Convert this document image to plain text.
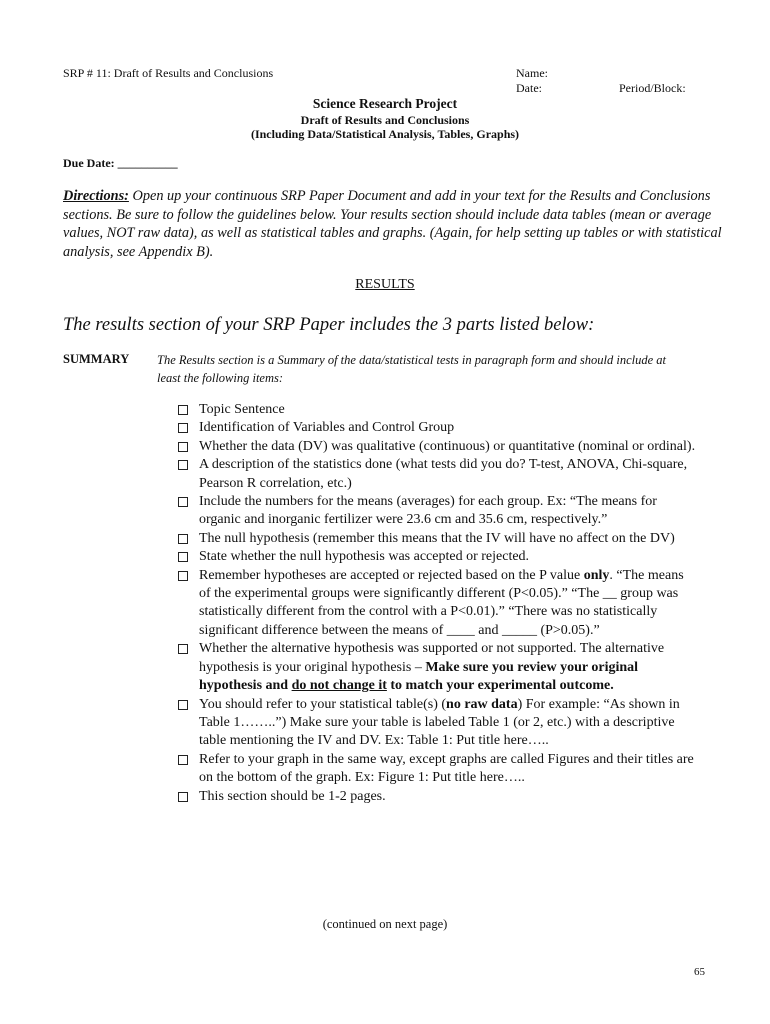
SRP # 11: Draft of Results and Conclusions	Name:
Date:	Period/Block:
Science Research Project
Draft of Results and Conclusions
(Including Data/Statistical Analysis, Tables, Graphs)
Due Date: __________
Directions: Open up your continuous SRP Paper Document and add in your text for the Results and Conclusions sections. Be sure to follow the guidelines below. Your results section should include data tables (mean or average values, NOT raw data), as well as statistical tables and graphs. (Again, for help setting up tables or with statistical analysis, see Appendix B).
RESULTS
The results section of your SRP Paper includes the 3 parts listed below:
SUMMARY The Results section is a Summary of the data/statistical tests in paragraph form and should include at least the following items:
Topic Sentence
Identification of Variables and Control Group
Whether the data (DV) was qualitative (continuous) or quantitative (nominal or ordinal).
A description of the statistics done (what tests did you do? T-test, ANOVA, Chi-square, Pearson R correlation, etc.)
Include the numbers for the means (averages) for each group. Ex: “The means for organic and inorganic fertilizer were 23.6 cm and 35.6 cm, respectively.”
The null hypothesis (remember this means that the IV will have no affect on the DV)
State whether the null hypothesis was accepted or rejected.
Remember hypotheses are accepted or rejected based on the P value only. “The means of the experimental groups were significantly different (P<0.05).” “The __ group was statistically different from the control with a P<0.01).” “There was no statistically significant difference between the means of ____ and _____ (P>0.05).”
Whether the alternative hypothesis was supported or not supported. The alternative hypothesis is your original hypothesis – Make sure you review your original hypothesis and do not change it to match your experimental outcome.
You should refer to your statistical table(s) (no raw data) For example: “As shown in Table 1……..”) Make sure your table is labeled Table 1 (or 2, etc.) with a descriptive table mentioning the IV and DV. Ex: Table 1: Put title here…..
Refer to your graph in the same way, except graphs are called Figures and their titles are on the bottom of the graph. Ex: Figure 1: Put title here…..
This section should be 1-2 pages.
(continued on next page)
65
